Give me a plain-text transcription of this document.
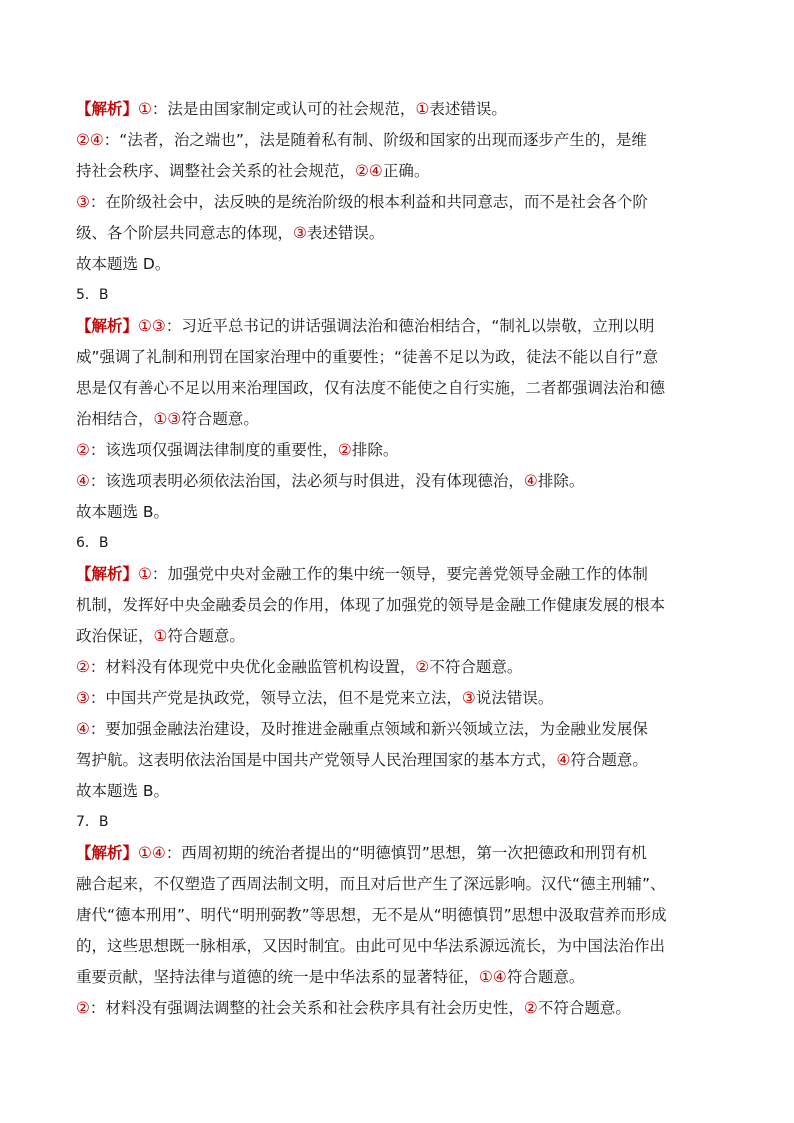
【解析】①：法是由国家制定或认可的社会规范，①表述错误。
②④：“法者，治之端也”，法是随着私有制、阶级和国家的出现而逐步产生的，是维
持社会秩序、调整社会关系的社会规范，②④正确。
③：在阶级社会中，法反映的是统治阶级的根本利益和共同意志，而不是社会各个阶
级、各个阶层共同意志的体现，③表述错误。
故本题选 D。
5．B
【解析】①③：习近平总书记的讲话强调法治和德治相结合，“制礼以崇敬，立刑以明
威”强调了礼制和刑罚在国家治理中的重要性；“徒善不足以为政，徒法不能以自行”意
思是仅有善心不足以用来治理国政，仅有法度不能使之自行实施，二者都强调法治和德
治相结合，①③符合题意。
②：该选项仅强调法律制度的重要性，②排除。
④：该选项表明必须依法治国，法必须与时俱进，没有体现德治，④排除。
故本题选 B。
6．B
【解析】①：加强党中央对金融工作的集中统一领导，要完善党领导金融工作的体制
机制，发挥好中央金融委员会的作用，体现了加强党的领导是金融工作健康发展的根本
政治保证，①符合题意。
②：材料没有体现党中央优化金融监管机构设置，②不符合题意。
③：中国共产党是执政党，领导立法，但不是党来立法，③说法错误。
④：要加强金融法治建设，及时推进金融重点领域和新兴领域立法，为金融业发展保
驾护航。这表明依法治国是中国共产党领导人民治理国家的基本方式，④符合题意。
故本题选 B。
7．B
【解析】①④：西周初期的统治者提出的“明德慎罚”思想，第一次把德政和刑罚有机
融合起来，不仅塑造了西周法制文明，而且对后世产生了深远影响。汉代“德主刑辅”、
唐代“德本刑用”、明代“明刑弼教”等思想，无不是从“明德慎罚”思想中汲取营养而形成
的，这些思想既一脉相承，又因时制宜。由此可见中华法系源远流长，为中国法治作出
重要贡献，坚持法律与道德的统一是中华法系的显著特征，①④符合题意。
②：材料没有强调法调整的社会关系和社会秩序具有社会历史性，②不符合题意。
